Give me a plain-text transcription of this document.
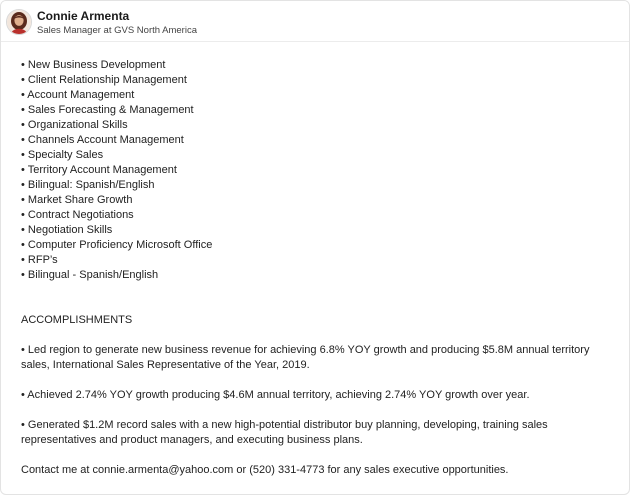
Connie Armenta
Sales Manager at GVS North America
• New Business Development
• Client Relationship Management
• Account Management
• Sales Forecasting & Management
• Organizational Skills
• Channels Account Management
• Specialty Sales
• Territory Account Management
• Bilingual: Spanish/English
• Market Share Growth
• Contract Negotiations
• Negotiation Skills
• Computer Proficiency Microsoft Office
• RFP’s
• Bilingual - Spanish/English
ACCOMPLISHMENTS
• Led region to generate new business revenue for achieving 6.8% YOY growth and producing $5.8M annual territory sales, International Sales Representative of the Year, 2019.
• Achieved 2.74% YOY growth producing $4.6M annual territory, achieving 2.74% YOY growth over year.
• Generated $1.2M record sales with a new high-potential distributor buy planning, developing, training sales representatives and product managers, and executing business plans.
Contact me at connie.armenta@yahoo.com or (520) 331-4773 for any sales executive opportunities.
